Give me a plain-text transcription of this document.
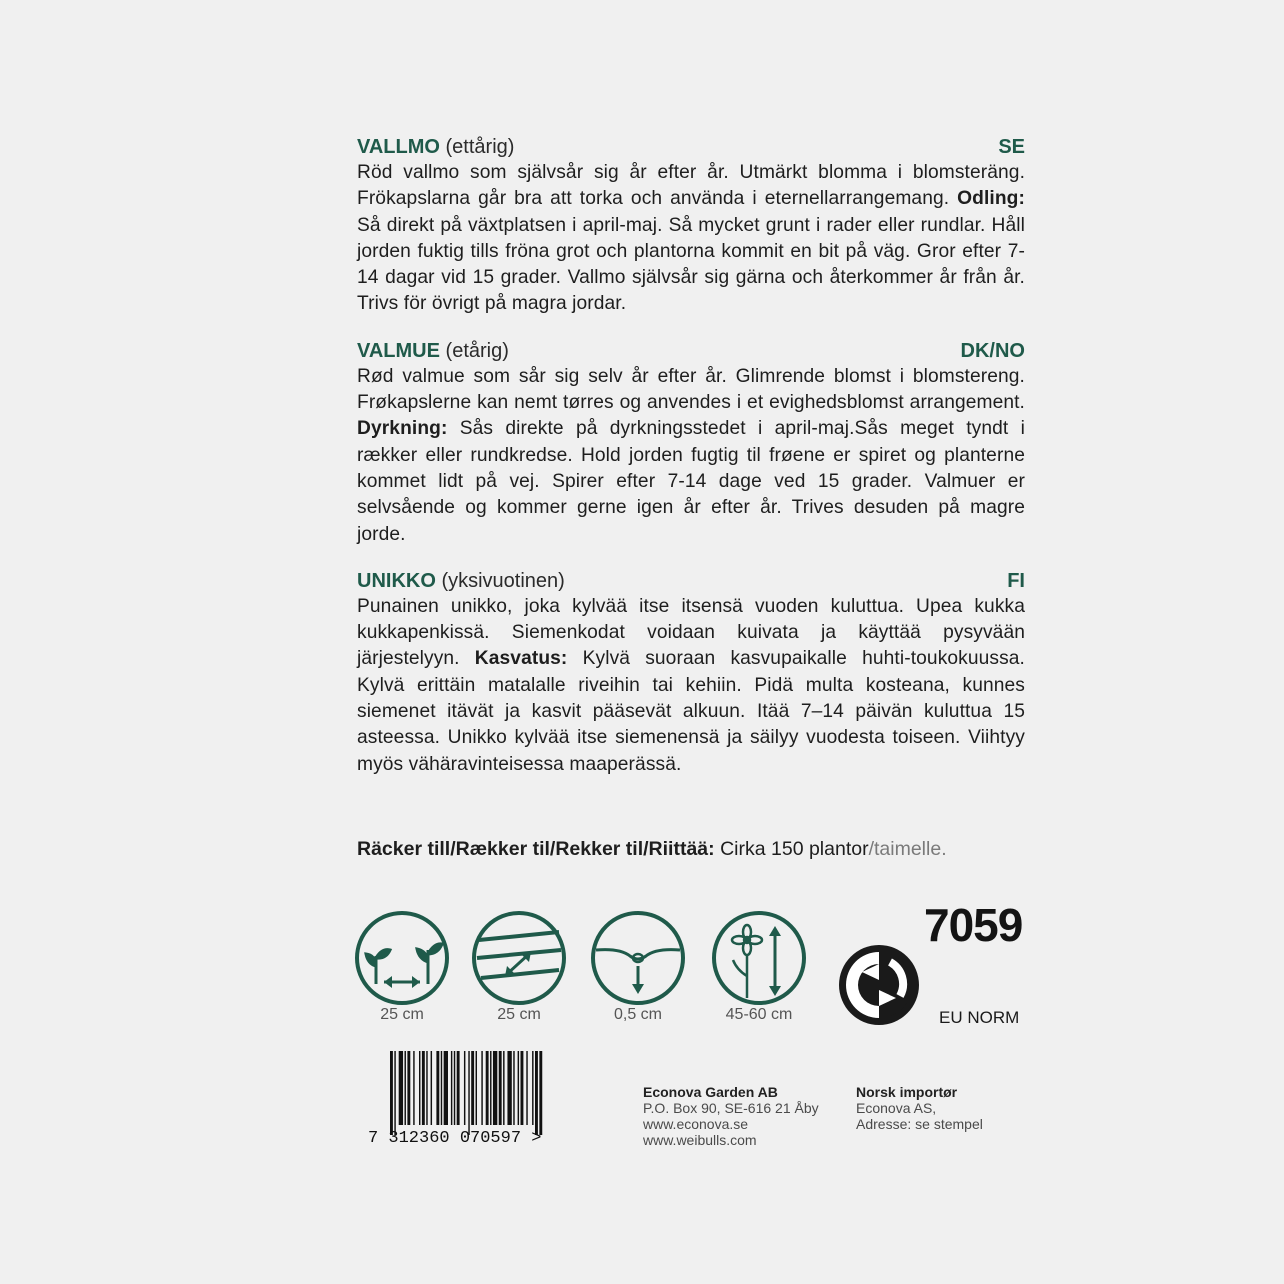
VALLMO (ettårig)	SE
Röd vallmo som självsår sig år efter år. Utmärkt blomma i blomsteräng. Frökapslarna går bra att torka och använda i eternellarrangemang. Odling: Så direkt på växtplatsen i april-maj. Så mycket grunt i rader eller rundlar. Håll jorden fuktig tills fröna grot och plantorna kommit en bit på väg. Gror efter 7-14 dagar vid 15 grader. Vallmo självsår sig gärna och återkommer år från år. Trivs för övrigt på magra jordar.
VALMUE (etårig)	DK/NO
Rød valmue som sår sig selv år efter år. Glimrende blomst i blomstereng. Frøkapslerne kan nemt tørres og anvendes i et evighedsblomst arrangement. Dyrkning: Sås direkte på dyrkningsstedet i april-maj.Sås meget tyndt i rækker eller rundkredse. Hold jorden fugtig til frøene er spiret og planterne kommet lidt på vej. Spirer efter 7-14 dage ved 15 grader. Valmuer er selvsående og kommer gerne igen år efter år. Trives desuden på magre jorde.
UNIKKO (yksivuotinen)	FI
Punainen unikko, joka kylvää itse itsensä vuoden kuluttua. Upea kukka kukkapenkissä. Siemenkodat voidaan kuivata ja käyttää pysyvään järjestelyyn. Kasvatus: Kylvä suoraan kasvupaikalle huhti-toukokuussa. Kylvä erittäin matalalle riveihin tai kehiin. Pidä multa kosteana, kunnes siemenet itävät ja kasvit pääsevät alkuun. Itää 7–14 päivän kuluttua 15 asteessa. Unikko kylvää itse siemenensä ja säilyy vuodesta toiseen. Viihtyy myös vähäravinteisessa maaperässä.
Räcker till/Rækker til/Rekker til/Riittää: Cirka 150 plantor/taimelle.
25 cm	25 cm	0,5 cm	45-60 cm
7059
EU NORM
7 312360 070597 >
Econova Garden AB
P.O. Box 90, SE-616 21 Åby
www.econova.se
www.weibulls.com
Norsk importør
Econova AS,
Adresse: se stempel
